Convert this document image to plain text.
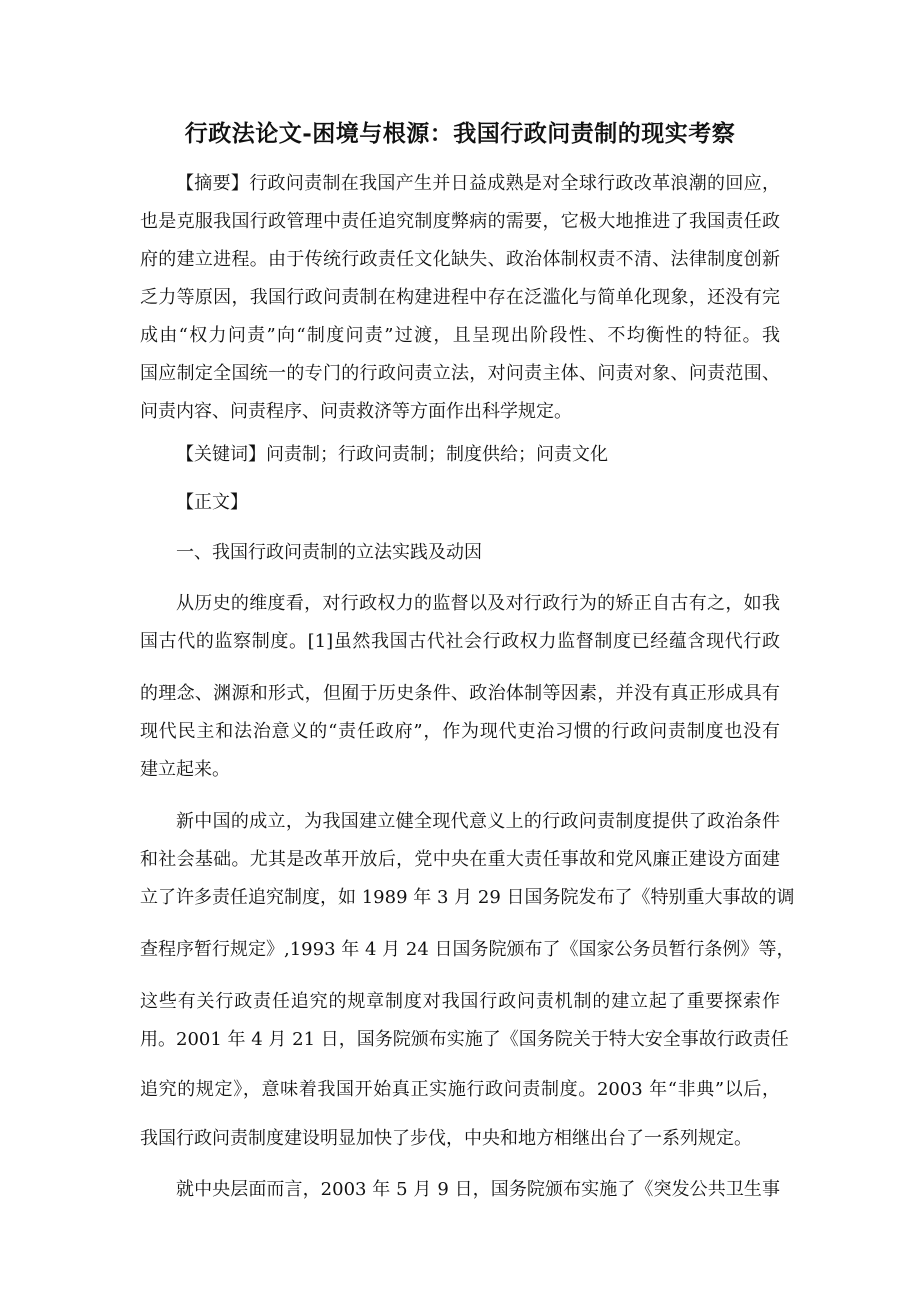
行政法论文-困境与根源：我国行政问责制的现实考察
【摘要】行政问责制在我国产生并日益成熟是对全球行政改革浪潮的回应，
也是克服我国行政管理中责任追究制度弊病的需要，它极大地推进了我国责任政
府的建立进程。由于传统行政责任文化缺失、政治体制权责不清、法律制度创新
乏力等原因，我国行政问责制在构建进程中存在泛滥化与简单化现象，还没有完
成由“权力问责”向“制度问责”过渡，且呈现出阶段性、不均衡性的特征。我
国应制定全国统一的专门的行政问责立法，对问责主体、问责对象、问责范围、
问责内容、问责程序、问责救济等方面作出科学规定。
【关键词】问责制；行政问责制；制度供给；问责文化
【正文】
一、我国行政问责制的立法实践及动因
从历史的维度看，对行政权力的监督以及对行政行为的矫正自古有之，如我
国古代的监察制度。[1]虽然我国古代社会行政权力监督制度已经蕴含现代行政
的理念、渊源和形式，但囿于历史条件、政治体制等因素，并没有真正形成具有
现代民主和法治意义的“责任政府”，作为现代吏治习惯的行政问责制度也没有
建立起来。
新中国的成立，为我国建立健全现代意义上的行政问责制度提供了政治条件
和社会基础。尤其是改革开放后，党中央在重大责任事故和党风廉正建设方面建
立了许多责任追究制度，如 1989 年 3 月 29 日国务院发布了《特别重大事故的调
查程序暂行规定》,1993 年 4 月 24 日国务院颁布了《国家公务员暂行条例》等，
这些有关行政责任追究的规章制度对我国行政问责机制的建立起了重要探索作
用。2001 年 4 月 21 日，国务院颁布实施了《国务院关于特大安全事故行政责任
追究的规定》，意味着我国开始真正实施行政问责制度。2003 年“非典”以后，
我国行政问责制度建设明显加快了步伐，中央和地方相继出台了一系列规定。
就中央层面而言，2003 年 5 月 9 日，国务院颁布实施了《突发公共卫生事
